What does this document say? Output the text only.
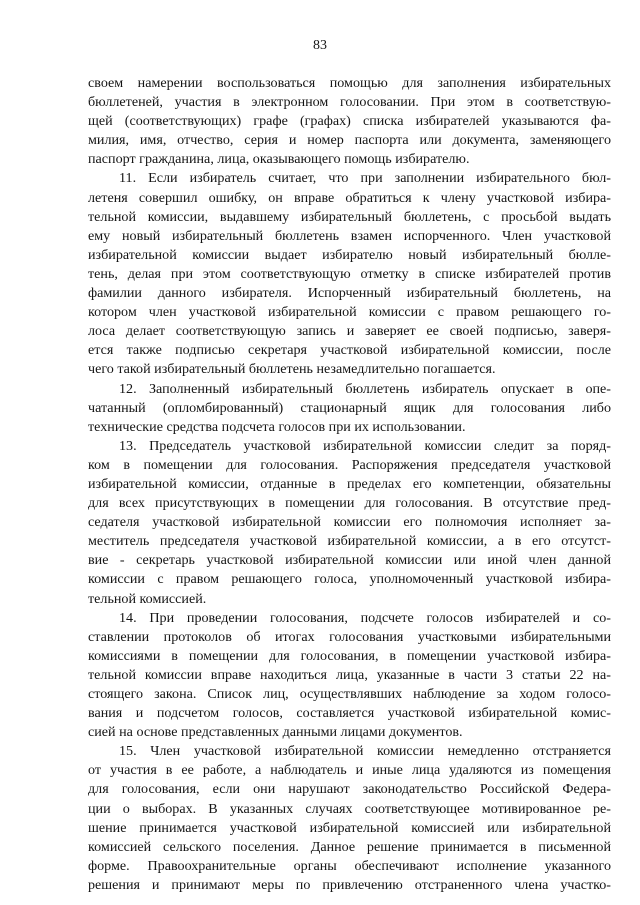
83
своем намерении воспользоваться помощью для заполнения избирательных
бюллетеней, участия в электронном голосовании. При этом в соответствую-
щей (соответствующих) графе (графах) списка избирателей указываются фа-
милия, имя, отчество, серия и номер паспорта или документа, заменяющего
паспорт гражданина, лица, оказывающего помощь избирателю.
11. Если избиратель считает, что при заполнении избирательного бюл-
летеня совершил ошибку, он вправе обратиться к члену участковой избира-
тельной комиссии, выдавшему избирательный бюллетень, с просьбой выдать
ему новый избирательный бюллетень взамен испорченного. Член участковой
избирательной комиссии выдает избирателю новый избирательный бюлле-
тень, делая при этом соответствующую отметку в списке избирателей против
фамилии данного избирателя. Испорченный избирательный бюллетень, на
котором член участковой избирательной комиссии с правом решающего го-
лоса делает соответствующую запись и заверяет ее своей подписью, заверя-
ется также подписью секретаря участковой избирательной комиссии, после
чего такой избирательный бюллетень незамедлительно погашается.
12. Заполненный избирательный бюллетень избиратель опускает в опе-
чатанный (опломбированный) стационарный ящик для голосования либо
технические средства подсчета голосов при их использовании.
13. Председатель участковой избирательной комиссии следит за поряд-
ком в помещении для голосования. Распоряжения председателя участковой
избирательной комиссии, отданные в пределах его компетенции, обязательны
для всех присутствующих в помещении для голосования. В отсутствие пред-
седателя участковой избирательной комиссии его полномочия исполняет за-
меститель председателя участковой избирательной комиссии, а в его отсутст-
вие - секретарь участковой избирательной комиссии или иной член данной
комиссии с правом решающего голоса, уполномоченный участковой избира-
тельной комиссией.
14. При проведении голосования, подсчете голосов избирателей и со-
ставлении протоколов об итогах голосования участковыми избирательными
комиссиями в помещении для голосования, в помещении участковой избира-
тельной комиссии вправе находиться лица, указанные в части 3 статьи 22 на-
стоящего закона. Список лиц, осуществлявших наблюдение за ходом голосо-
вания и подсчетом голосов, составляется участковой избирательной комис-
сией на основе представленных данными лицами документов.
15. Член участковой избирательной комиссии немедленно отстраняется
от участия в ее работе, а наблюдатель и иные лица удаляются из помещения
для голосования, если они нарушают законодательство Российской Федера-
ции о выборах. В указанных случаях соответствующее мотивированное ре-
шение принимается участковой избирательной комиссией или избирательной
комиссией сельского поселения. Данное решение принимается в письменной
форме. Правоохранительные органы обеспечивают исполнение указанного
решения и принимают меры по привлечению отстраненного члена участко-
